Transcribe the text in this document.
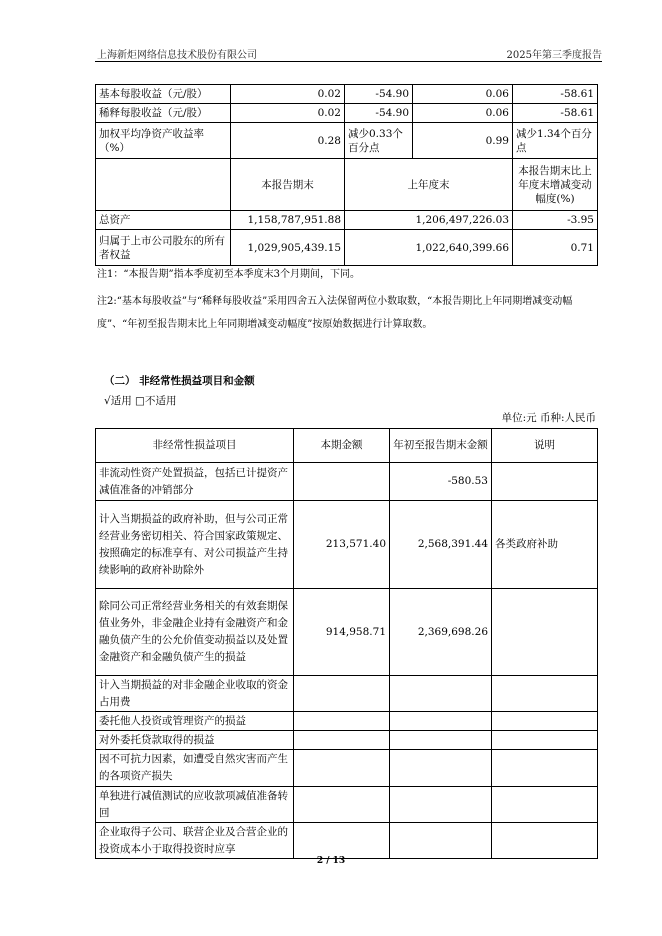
上海新炬网络信息技术股份有限公司	2025年第三季度报告
基本每股收益（元/股）	0.02	-54.90	0.06	-58.61
稀释每股收益（元/股）	0.02	-54.90	0.06	-58.61
加权平均净资产收益率（%）	0.28	减少0.33个百分点	0.99	减少1.34个百分点
	本报告期末	上年度末		本报告期末比上年度末增减变动幅度(%)
总资产	1,158,787,951.88	1,206,497,226.03		-3.95
归属于上市公司股东的所有者权益	1,029,905,439.15	1,022,640,399.66		0.71
注1：“本报告期”指本季度初至本季度末3个月期间，下同。
注2:“基本每股收益”与“稀释每股收益”采用四舍五入法保留两位小数取数，“本报告期比上年同期增减变动幅度”、“年初至报告期末比上年同期增减变动幅度”按原始数据进行计算取数。
（二） 非经常性损益项目和金额
√适用 □不适用
单位:元 币种:人民币
非经常性损益项目	本期金额	年初至报告期末金额	说明
非流动性资产处置损益，包括已计提资产减值准备的冲销部分		-580.53	
计入当期损益的政府补助，但与公司正常经营业务密切相关、符合国家政策规定、按照确定的标准享有、对公司损益产生持续影响的政府补助除外	213,571.40	2,568,391.44	各类政府补助
除同公司正常经营业务相关的有效套期保值业务外，非金融企业持有金融资产和金融负债产生的公允价值变动损益以及处置金融资产和金融负债产生的损益	914,958.71	2,369,698.26	
计入当期损益的对非金融企业收取的资金占用费			
委托他人投资或管理资产的损益			
对外委托贷款取得的损益			
因不可抗力因素，如遭受自然灾害而产生的各项资产损失			
单独进行减值测试的应收款项减值准备转回			
企业取得子公司、联营企业及合营企业的投资成本小于取得投资时应享			
2 / 13
